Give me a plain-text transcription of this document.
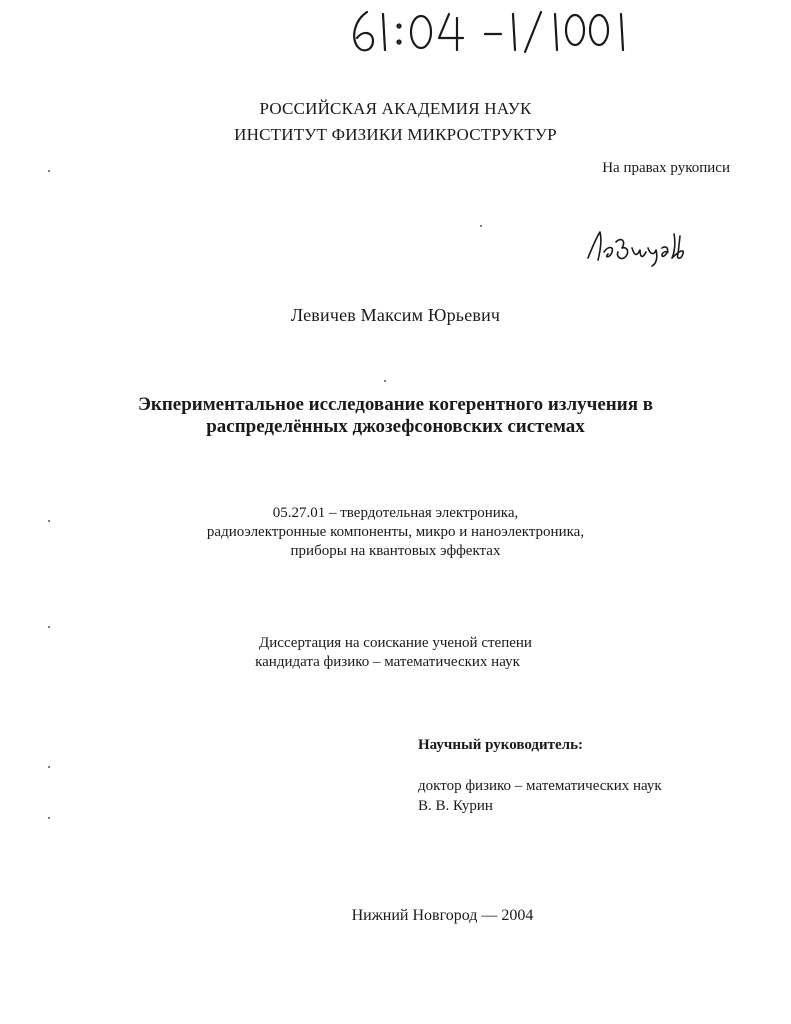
РОССИЙСКАЯ АКАДЕМИЯ НАУК
ИНСТИТУТ ФИЗИКИ МИКРОСТРУКТУР
На правах рукописи
Левичев Максим Юрьевич
Экпериментальное исследование когерентного излучения в
распределённых джозефсоновских системах
05.27.01 – твердотельная электроника,
радиоэлектронные компоненты, микро и наноэлектроника,
приборы на квантовых эффектах
Диссертация на соискание ученой степени
кандидата физико – математических наук
Научный руководитель:
доктор физико – математических наук
В. В. Курин
Нижний Новгород — 2004
